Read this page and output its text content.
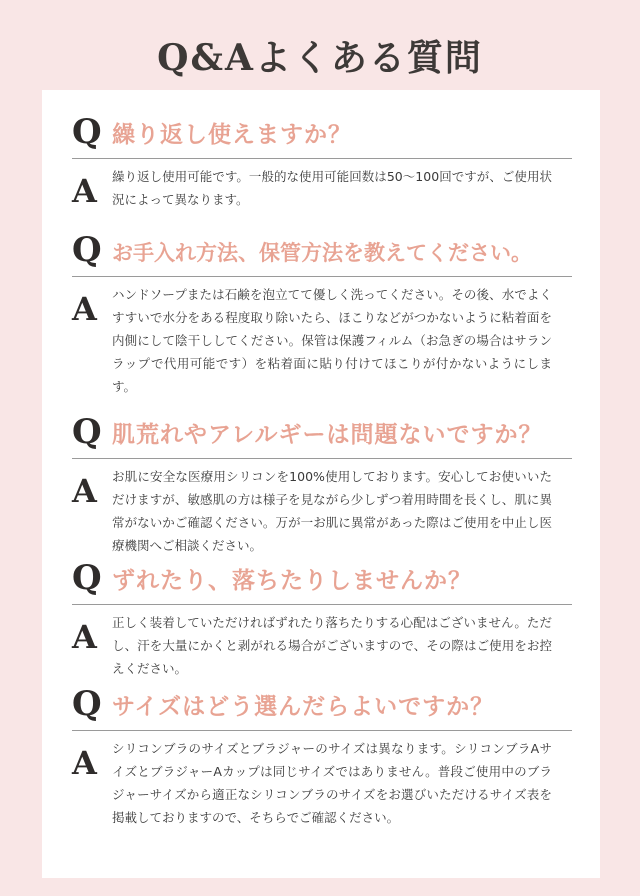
Q&Aよくある質問
Q 繰り返し使えますか？
A	繰り返し使用可能です。一般的な使用可能回数は50〜100回ですが、ご使用状況によって異なります。
Q お手入れ方法、保管方法を教えてください。
A	ハンドソープまたは石鹸を泡立てて優しく洗ってください。その後、水でよくすすいで水分をある程度取り除いたら、ほこりなどがつかないように粘着面を内側にして陰干ししてください。保管は保護フィルム（お急ぎの場合はサランラップで代用可能です）を粘着面に貼り付けてほこりが付かないようにします。
Q 肌荒れやアレルギーは問題ないですか？
A	お肌に安全な医療用シリコンを100%使用しております。安心してお使いいただけますが、敏感肌の方は様子を見ながら少しずつ着用時間を長くし、肌に異常がないかご確認ください。万が一お肌に異常があった際はご使用を中止し医療機関へご相談ください。
Q ずれたり、落ちたりしませんか？
A	正しく装着していただければずれたり落ちたりする心配はございません。ただし、汗を大量にかくと剥がれる場合がございますので、その際はご使用をお控えください。
Q サイズはどう選んだらよいですか？
A	シリコンブラのサイズとブラジャーのサイズは異なります。シリコンブラAサイズとブラジャーAカップは同じサイズではありません。普段ご使用中のブラジャーサイズから適正なシリコンブラのサイズをお選びいただけるサイズ表を掲載しておりますので、そちらでご確認ください。
